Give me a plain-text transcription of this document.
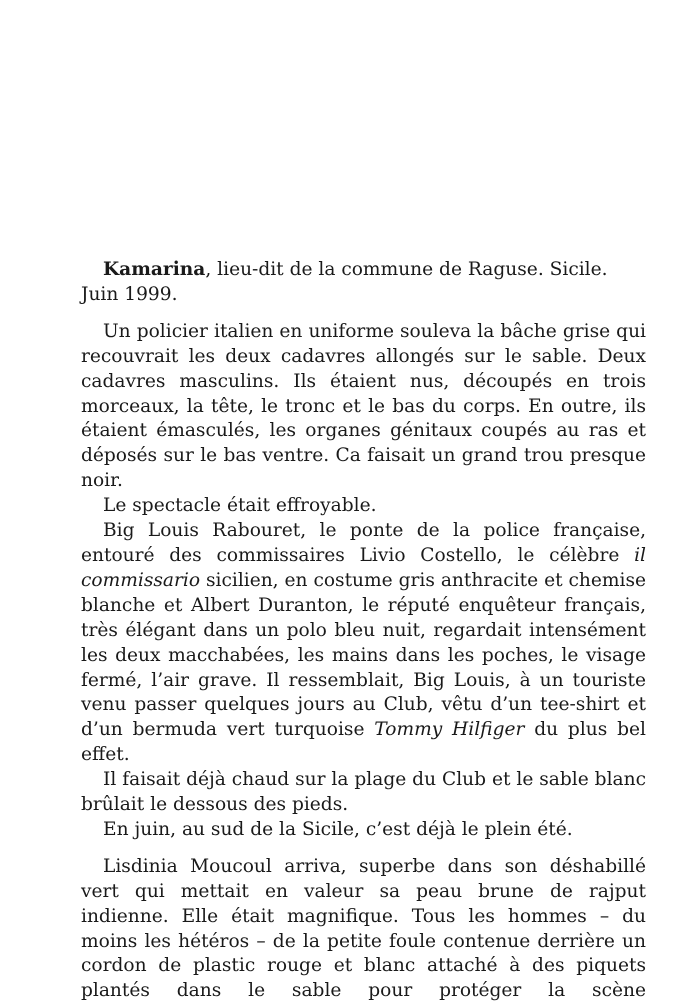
Kamarina, lieu-dit de la commune de Raguse. Sicile. Juin 1999.

Un policier italien en uniforme souleva la bâche grise qui recouvrait les deux cadavres allongés sur le sable. Deux cadavres masculins. Ils étaient nus, découpés en trois morceaux, la tête, le tronc et le bas du corps. En outre, ils étaient émasculés, les organes génitaux coupés au ras et déposés sur le bas ventre. Ca faisait un grand trou presque noir.

Le spectacle était effroyable.

Big Louis Rabouret, le ponte de la police française, entouré des commissaires Livio Costello, le célèbre il commissario sicilien, en costume gris anthracite et chemise blanche et Albert Duranton, le réputé enquêteur français, très élégant dans un polo bleu nuit, regardait intensément les deux macchabées, les mains dans les poches, le visage fermé, l’air grave. Il ressemblait, Big Louis, à un touriste venu passer quelques jours au Club, vêtu d’un tee-shirt et d’un bermuda vert turquoise Tommy Hilfiger du plus bel effet.

Il faisait déjà chaud sur la plage du Club et le sable blanc brûlait le dessous des pieds.

En juin, au sud de la Sicile, c’est déjà le plein été.

Lisdinia Moucoul arriva, superbe dans son déshabillé vert qui mettait en valeur sa peau brune de rajput indienne. Elle était magnifique. Tous les hommes – du moins les hétéros – de la petite foule contenue derrière un cordon de plastic rouge et blanc attaché à des piquets plantés dans le sable pour protéger la scène
